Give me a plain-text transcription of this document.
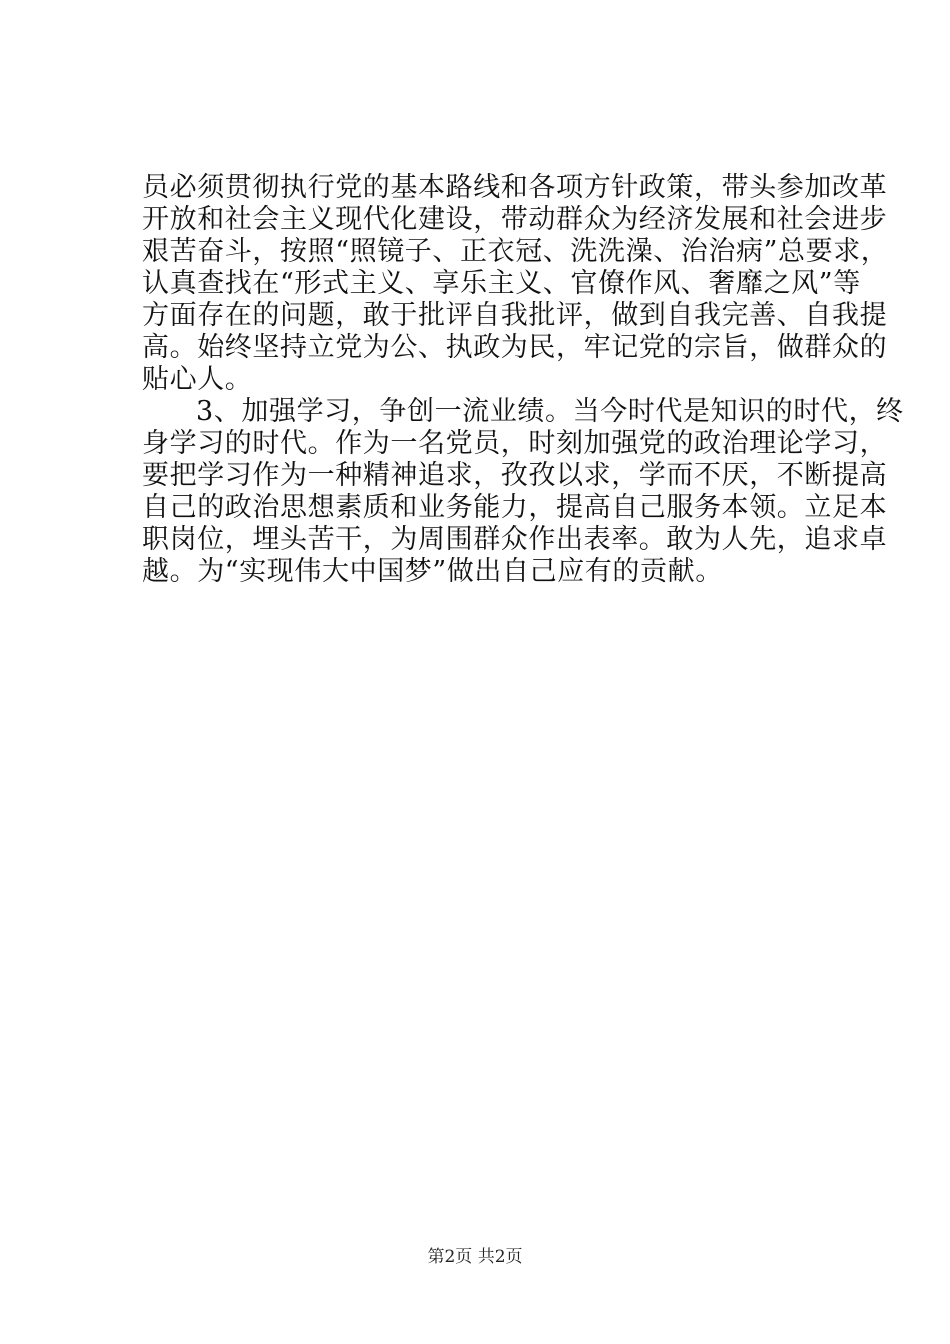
员必须贯彻执行党的基本路线和各项方针政策，带头参加改革
开放和社会主义现代化建设，带动群众为经济发展和社会进步
艰苦奋斗，按照“照镜子、正衣冠、洗洗澡、治治病”总要求，
认真查找在“形式主义、享乐主义、官僚作风、奢靡之风”等
方面存在的问题，敢于批评自我批评，做到自我完善、自我提
高。始终坚持立党为公、执政为民，牢记党的宗旨，做群众的
贴心人。
3、加强学习，争创一流业绩。当今时代是知识的时代，终
身学习的时代。作为一名党员，时刻加强党的政治理论学习，
要把学习作为一种精神追求，孜孜以求，学而不厌，不断提高
自己的政治思想素质和业务能力，提高自己服务本领。立足本
职岗位，埋头苦干，为周围群众作出表率。敢为人先，追求卓
越。为“实现伟大中国梦”做出自己应有的贡献。
第2页 共2页
